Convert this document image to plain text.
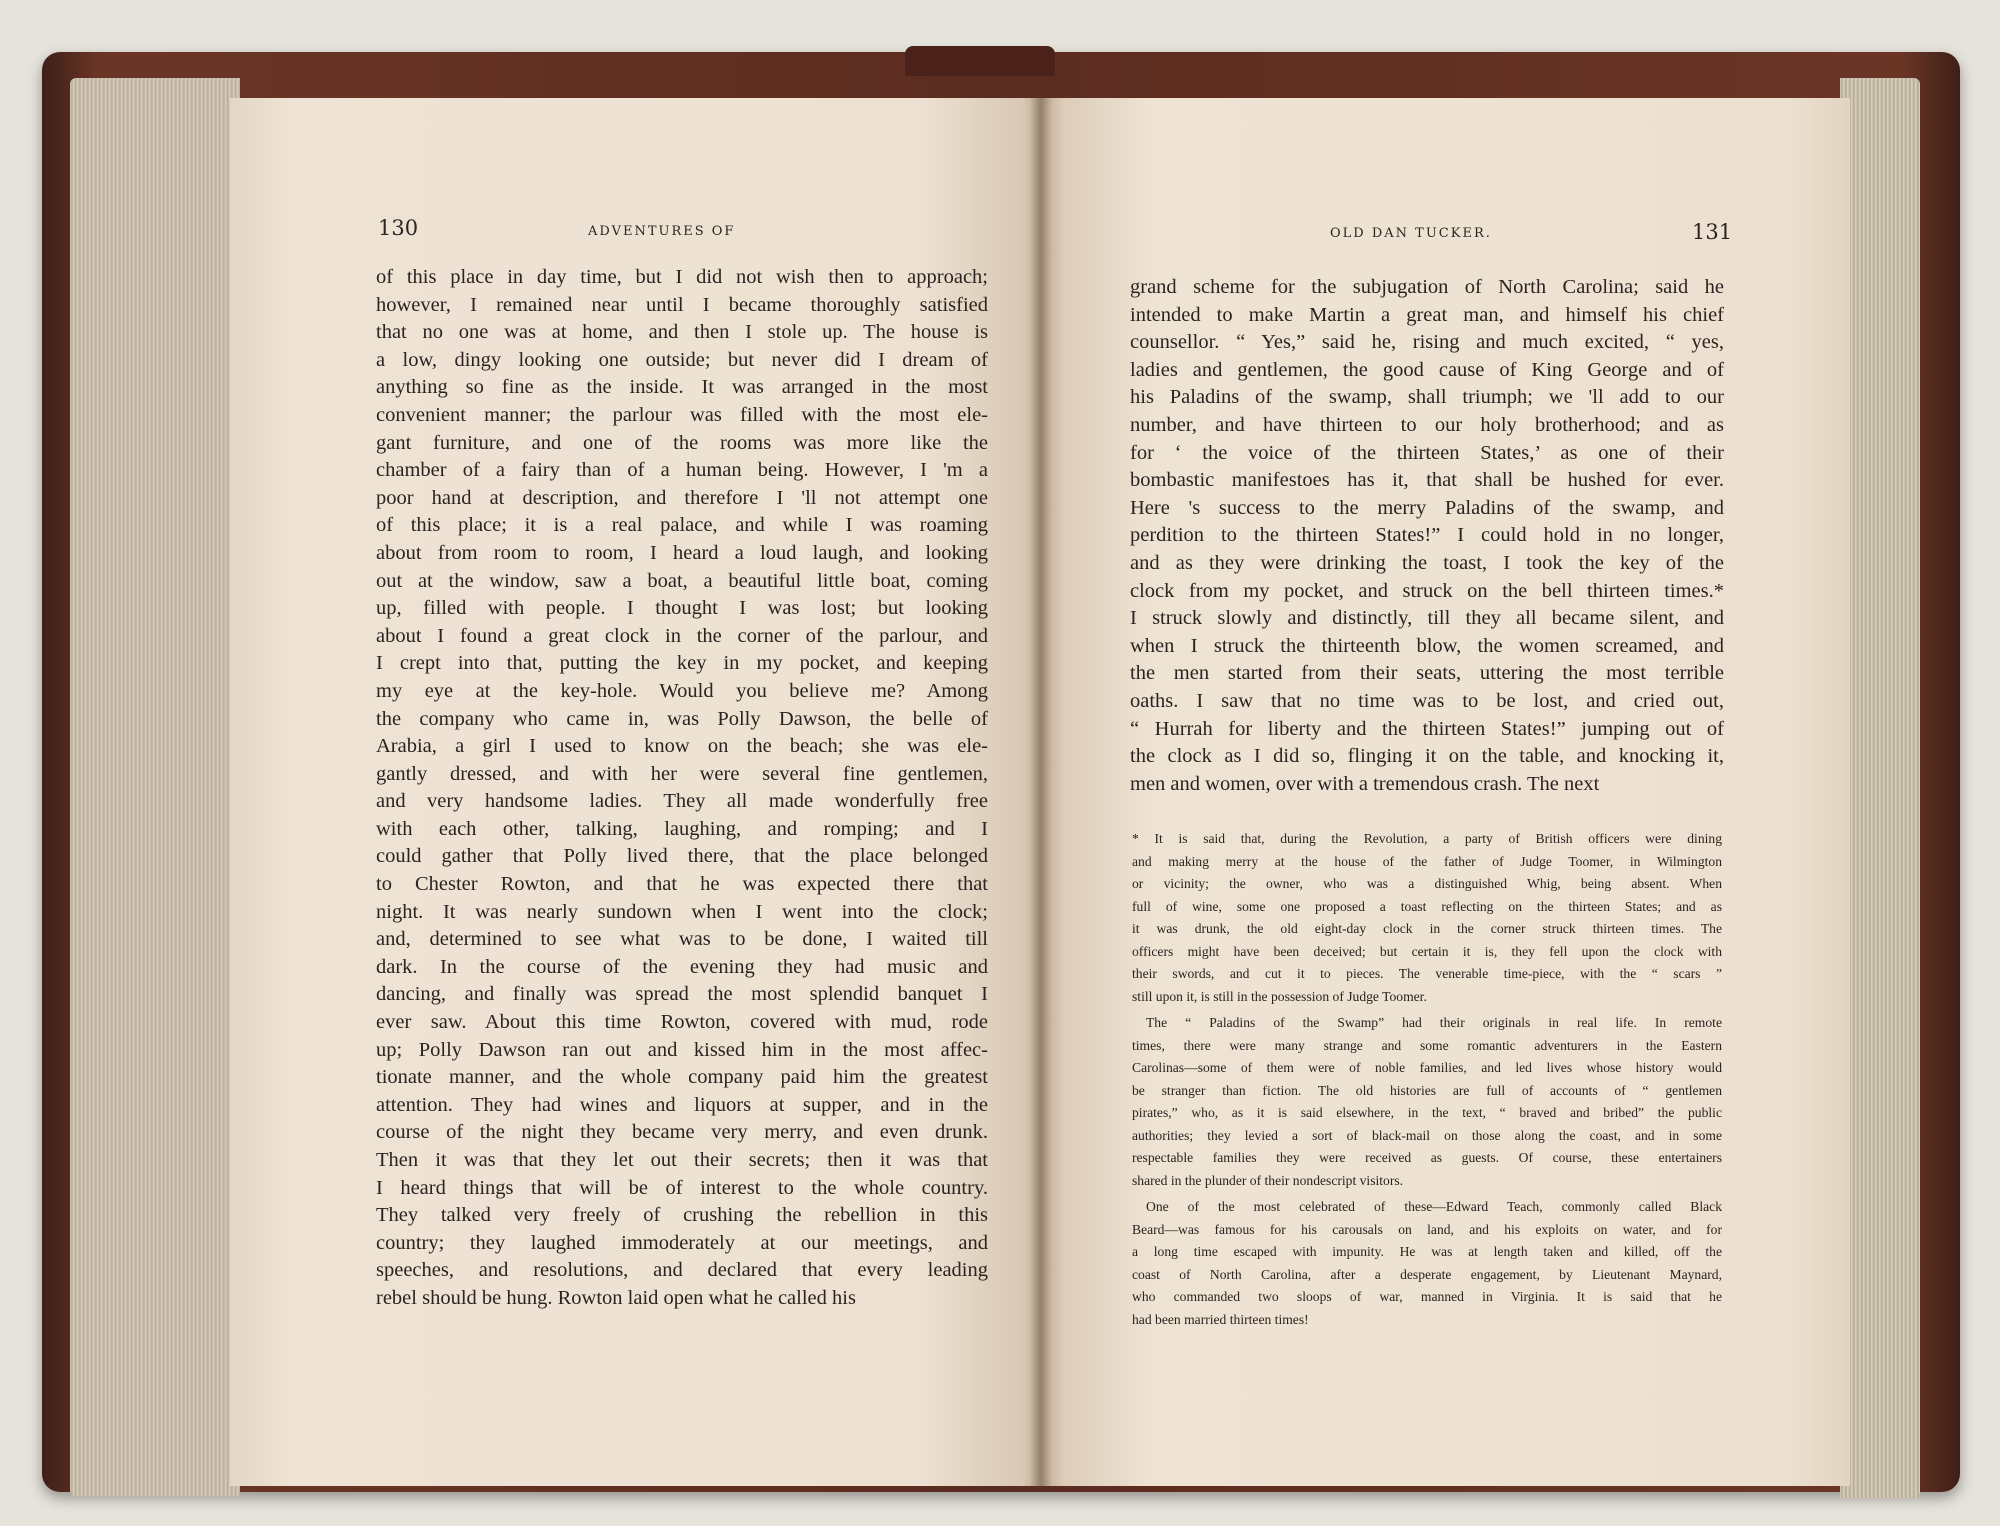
130	ADVENTURES OF
of this place in day time, but I did not wish then to approach;
however, I remained near until I became thoroughly satisfied
that no one was at home, and then I stole up. The house is
a low, dingy looking one outside; but never did I dream of
anything so fine as the inside. It was arranged in the most
convenient manner; the parlour was filled with the most ele-
gant furniture, and one of the rooms was more like the
chamber of a fairy than of a human being. However, I 'm a
poor hand at description, and therefore I 'll not attempt one
of this place; it is a real palace, and while I was roaming
about from room to room, I heard a loud laugh, and looking
out at the window, saw a boat, a beautiful little boat, coming
up, filled with people. I thought I was lost; but looking
about I found a great clock in the corner of the parlour, and
I crept into that, putting the key in my pocket, and keeping
my eye at the key-hole. Would you believe me? Among
the company who came in, was Polly Dawson, the belle of
Arabia, a girl I used to know on the beach; she was ele-
gantly dressed, and with her were several fine gentlemen,
and very handsome ladies. They all made wonderfully free
with each other, talking, laughing, and romping; and I
could gather that Polly lived there, that the place belonged
to Chester Rowton, and that he was expected there that
night. It was nearly sundown when I went into the clock;
and, determined to see what was to be done, I waited till
dark. In the course of the evening they had music and
dancing, and finally was spread the most splendid banquet I
ever saw. About this time Rowton, covered with mud, rode
up; Polly Dawson ran out and kissed him in the most affec-
tionate manner, and the whole company paid him the greatest
attention. They had wines and liquors at supper, and in the
course of the night they became very merry, and even drunk.
Then it was that they let out their secrets; then it was that
I heard things that will be of interest to the whole country.
They talked very freely of crushing the rebellion in this
country; they laughed immoderately at our meetings, and
speeches, and resolutions, and declared that every leading
rebel should be hung. Rowton laid open what he called his
OLD DAN TUCKER.	131
grand scheme for the subjugation of North Carolina; said he
intended to make Martin a great man, and himself his chief
counsellor. “ Yes,” said he, rising and much excited, “ yes,
ladies and gentlemen, the good cause of King George and of
his Paladins of the swamp, shall triumph; we 'll add to our
number, and have thirteen to our holy brotherhood; and as
for ‘ the voice of the thirteen States,’ as one of their
bombastic manifestoes has it, that shall be hushed for ever.
Here 's success to the merry Paladins of the swamp, and
perdition to the thirteen States!” I could hold in no longer,
and as they were drinking the toast, I took the key of the
clock from my pocket, and struck on the bell thirteen times.*
I struck slowly and distinctly, till they all became silent, and
when I struck the thirteenth blow, the women screamed, and
the men started from their seats, uttering the most terrible
oaths. I saw that no time was to be lost, and cried out,
“ Hurrah for liberty and the thirteen States!” jumping out of
the clock as I did so, flinging it on the table, and knocking it,
men and women, over with a tremendous crash. The next
* It is said that, during the Revolution, a party of British officers were dining
and making merry at the house of the father of Judge Toomer, in Wilmington
or vicinity; the owner, who was a distinguished Whig, being absent. When
full of wine, some one proposed a toast reflecting on the thirteen States; and as
it was drunk, the old eight-day clock in the corner struck thirteen times. The
officers might have been deceived; but certain it is, they fell upon the clock with
their swords, and cut it to pieces. The venerable time-piece, with the “ scars ”
still upon it, is still in the possession of Judge Toomer.
The “ Paladins of the Swamp” had their originals in real life. In remote
times, there were many strange and some romantic adventurers in the Eastern
Carolinas—some of them were of noble families, and led lives whose history would
be stranger than fiction. The old histories are full of accounts of “ gentlemen
pirates,” who, as it is said elsewhere, in the text, “ braved and bribed” the public
authorities; they levied a sort of black-mail on those along the coast, and in some
respectable families they were received as guests. Of course, these entertainers
shared in the plunder of their nondescript visitors.
One of the most celebrated of these—Edward Teach, commonly called Black
Beard—was famous for his carousals on land, and his exploits on water, and for
a long time escaped with impunity. He was at length taken and killed, off the
coast of North Carolina, after a desperate engagement, by Lieutenant Maynard,
who commanded two sloops of war, manned in Virginia. It is said that he
had been married thirteen times!
